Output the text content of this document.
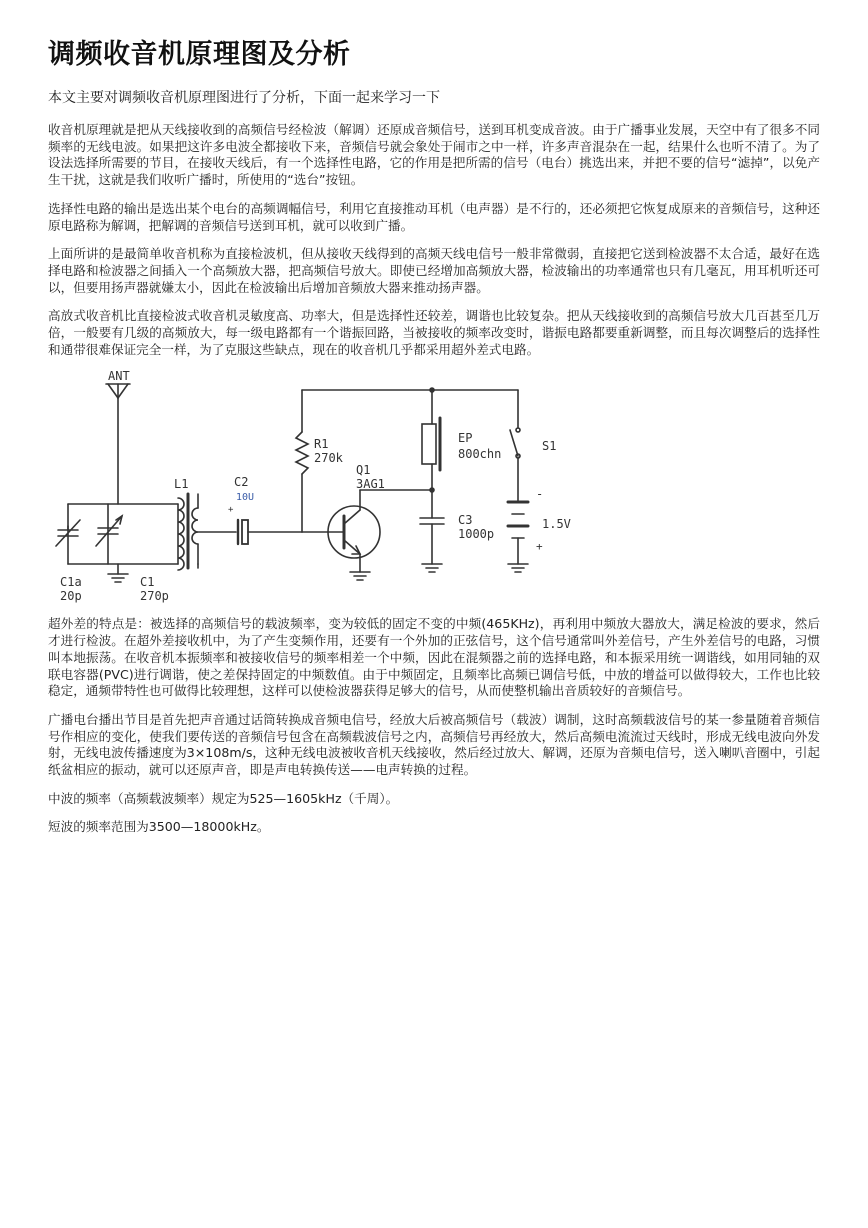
调频收音机原理图及分析
本文主要对调频收音机原理图进行了分析，下面一起来学习一下

收音机原理就是把从天线接收到的高频信号经检波（解调）还原成音频信号，送到耳机变成音波。由于广播事业发展，天空中有了很多不同频率的无线电波。如果把这许多电波全都接收下来，音频信号就会象处于闹市之中一样，许多声音混杂在一起，结果什么也听不清了。为了设法选择所需要的节目，在接收天线后，有一个选择性电路，它的作用是把所需的信号（电台）挑选出来，并把不要的信号“滤掉”，以免产生干扰，这就是我们收听广播时，所使用的“选台”按钮。

选择性电路的输出是选出某个电台的高频调幅信号，利用它直接推动耳机（电声器）是不行的，还必须把它恢复成原来的音频信号，这种还原电路称为解调，把解调的音频信号送到耳机，就可以收到广播。

上面所讲的是最简单收音机称为直接检波机，但从接收天线得到的高频天线电信号一般非常微弱，直接把它送到检波器不太合适，最好在选择电路和检波器之间插入一个高频放大器，把高频信号放大。即使已经增加高频放大器，检波输出的功率通常也只有几毫瓦，用耳机听还可以，但要用扬声器就嫌太小，因此在检波输出后增加音频放大器来推动扬声器。

高放式收音机比直接检波式收音机灵敏度高、功率大，但是选择性还较差，调谐也比较复杂。把从天线接收到的高频信号放大几百甚至几万倍，一般要有几级的高频放大，每一级电路都有一个谐振回路，当被接收的频率改变时，谐振电路都要重新调整，而且每次调整后的选择性和通带很难保证完全一样，为了克服这些缺点，现在的收音机几乎都采用超外差式电路。

ANT
C1a
20p
C1
270p
L1
+
C2
10U
R1
270k
Q1
3AG1
EP
800chn
C3
1000p
S1
-
+
1.5V

超外差的特点是：被选择的高频信号的载波频率，变为较低的固定不变的中频(465KHz)，再利用中频放大器放大，满足检波的要求，然后才进行检波。在超外差接收机中，为了产生变频作用，还要有一个外加的正弦信号，这个信号通常叫外差信号，产生外差信号的电路，习惯叫本地振荡。在收音机本振频率和被接收信号的频率相差一个中频，因此在混频器之前的选择电路，和本振采用统一调谐线，如用同轴的双联电容器(PVC)进行调谐，使之差保持固定的中频数值。由于中频固定，且频率比高频已调信号低，中放的增益可以做得较大，工作也比较稳定，通频带特性也可做得比较理想，这样可以使检波器获得足够大的信号，从而使整机输出音质较好的音频信号。

广播电台播出节目是首先把声音通过话筒转换成音频电信号，经放大后被高频信号（载波）调制，这时高频载波信号的某一参量随着音频信号作相应的变化，使我们要传送的音频信号包含在高频载波信号之内，高频信号再经放大，然后高频电流流过天线时，形成无线电波向外发射，无线电波传播速度为3×108m/s，这种无线电波被收音机天线接收，然后经过放大、解调，还原为音频电信号，送入喇叭音圈中，引起纸盆相应的振动，就可以还原声音，即是声电转换传送——电声转换的过程。

中波的频率（高频载波频率）规定为525—1605kHz（千周）。

短波的频率范围为3500—18000kHz。
